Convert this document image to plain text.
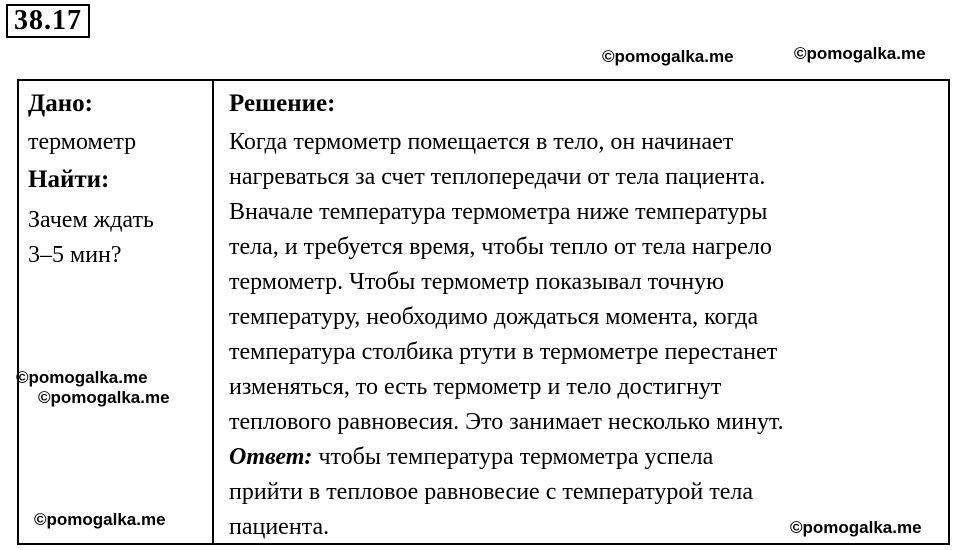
38.17
©pomogalka.me	©pomogalka.me
Дано:
термометр
Найти:
Зачем ждать
3–5 мин?
Решение:
Когда термометр помещается в тело, он начинает
нагреваться за счет теплопередачи от тела пациента.
Вначале температура термометра ниже температуры
тела, и требуется время, чтобы тепло от тела нагрело
термометр. Чтобы термометр показывал точную
температуру, необходимо дождаться момента, когда
температура столбика ртути в термометре перестанет
изменяться, то есть термометр и тело достигнут
теплового равновесия. Это занимает несколько минут.
Ответ: чтобы температура термометра успела
прийти в тепловое равновесие с температурой тела
пациента.
©pomogalka.me
©pomogalka.me
©pomogalka.me	©pomogalka.me
